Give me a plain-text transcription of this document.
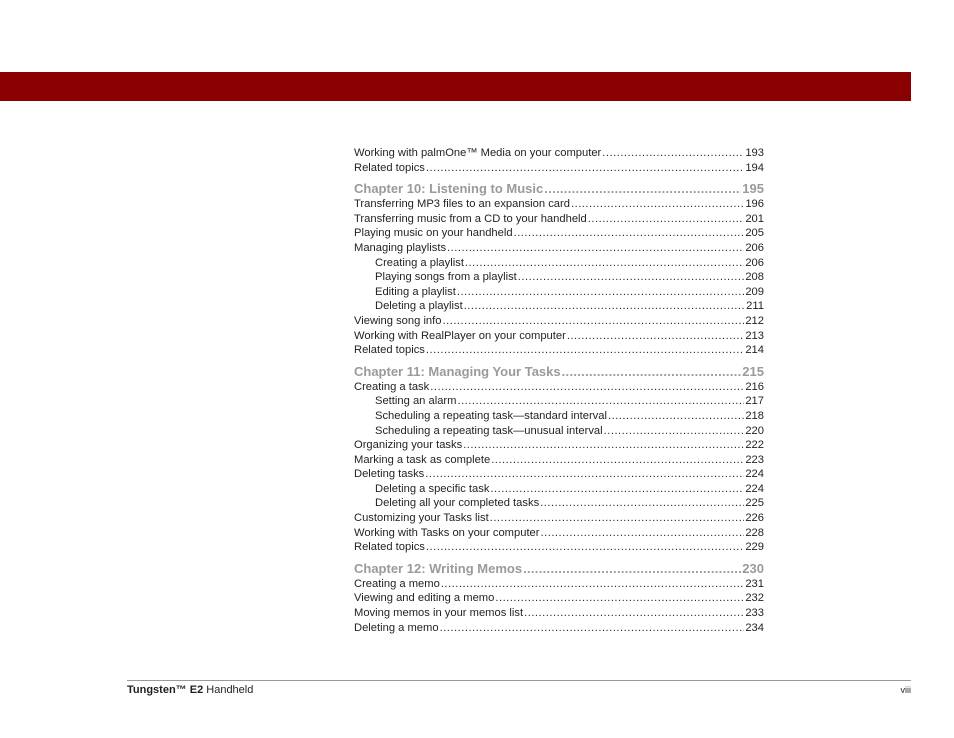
Working with palmOne™ Media on your computer .....	193
Related topics .....	194
Chapter 10: Listening to Music .....	195
Transferring MP3 files to an expansion card .....	196
Transferring music from a CD to your handheld .....	201
Playing music on your handheld .....	205
Managing playlists .....	206
Creating a playlist .....	206
Playing songs from a playlist .....	208
Editing a playlist .....	209
Deleting a playlist .....	211
Viewing song info .....	212
Working with RealPlayer on your computer .....	213
Related topics .....	214
Chapter 11: Managing Your Tasks .....	215
Creating a task .....	216
Setting an alarm .....	217
Scheduling a repeating task—standard interval .....	218
Scheduling a repeating task—unusual interval .....	220
Organizing your tasks .....	222
Marking a task as complete .....	223
Deleting tasks .....	224
Deleting a specific task .....	224
Deleting all your completed tasks .....	225
Customizing your Tasks list .....	226
Working with Tasks on your computer .....	228
Related topics .....	229
Chapter 12: Writing Memos .....	230
Creating a memo .....	231
Viewing and editing a memo .....	232
Moving memos in your memos list .....	233
Deleting a memo .....	234
Tungsten™ E2 Handheld	viii
